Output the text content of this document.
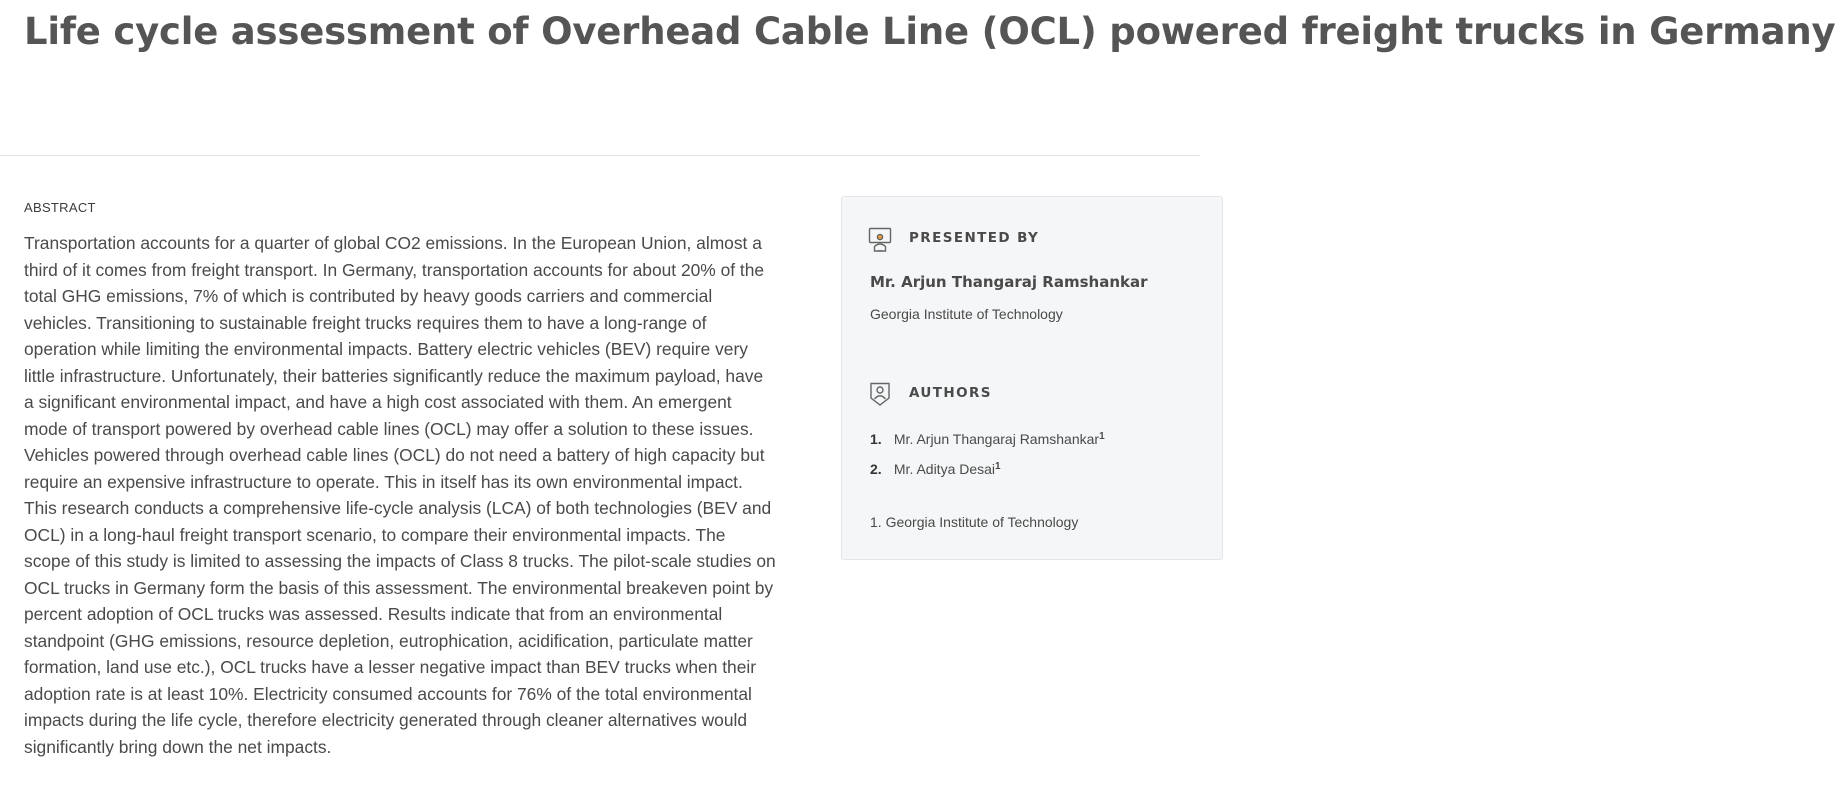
Life cycle assessment of Overhead Cable Line (OCL) powered freight trucks in Germany
ABSTRACT

Transportation accounts for a quarter of global CO2 emissions. In the European Union, almost a third of it comes from freight transport. In Germany, transportation accounts for about 20% of the total GHG emissions, 7% of which is contributed by heavy goods carriers and commercial vehicles. Transitioning to sustainable freight trucks requires them to have a long-range of operation while limiting the environmental impacts. Battery electric vehicles (BEV) require very little infrastructure. Unfortunately, their batteries significantly reduce the maximum payload, have a significant environmental impact, and have a high cost associated with them. An emergent mode of transport powered by overhead cable lines (OCL) may offer a solution to these issues. Vehicles powered through overhead cable lines (OCL) do not need a battery of high capacity but require an expensive infrastructure to operate. This in itself has its own environmental impact. This research conducts a comprehensive life-cycle analysis (LCA) of both technologies (BEV and OCL) in a long-haul freight transport scenario, to compare their environmental impacts. The scope of this study is limited to assessing the impacts of Class 8 trucks. The pilot-scale studies on OCL trucks in Germany form the basis of this assessment. The environmental breakeven point by percent adoption of OCL trucks was assessed. Results indicate that from an environmental standpoint (GHG emissions, resource depletion, eutrophication, acidification, particulate matter formation, land use etc.), OCL trucks have a lesser negative impact than BEV trucks when their adoption rate is at least 10%. Electricity consumed accounts for 76% of the total environmental impacts during the life cycle, therefore electricity generated through cleaner alternatives would significantly bring down the net impacts.

PRESENTED BY

Mr. Arjun Thangaraj Ramshankar

Georgia Institute of Technology

AUTHORS
1. Mr. Arjun Thangaraj Ramshankar$^1$
2. Mr. Aditya Desai$^1$

1. Georgia Institute of Technology
